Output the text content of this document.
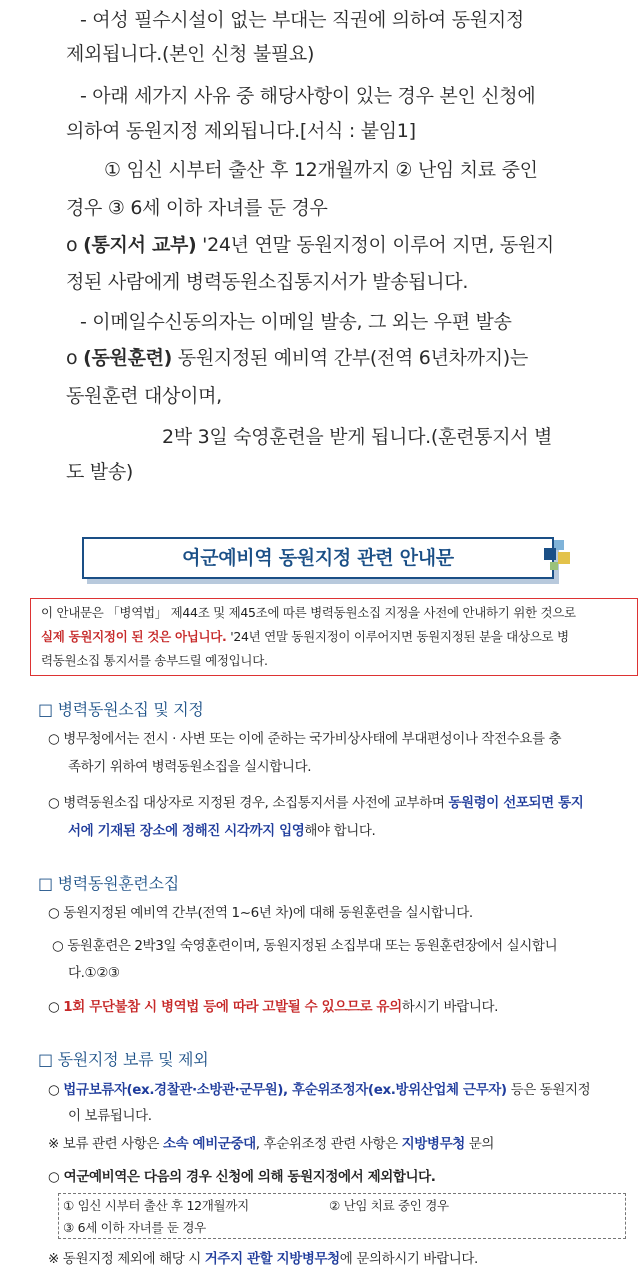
- 여성 필수시설이 없는 부대는 직권에 의하여 동원지정
제외됩니다.(본인 신청 불필요)
- 아래 세가지 사유 중 해당사항이 있는 경우 본인 신청에
의하여 동원지정 제외됩니다.[서식 : 붙임1]
① 임신 시부터 출산 후 12개월까지 ② 난임 치료 중인
경우 ③ 6세 이하 자녀를 둔 경우
o (통지서 교부) '24년 연말 동원지정이 이루어 지면, 동원지
정된 사람에게 병력동원소집통지서가 발송됩니다.
- 이메일수신동의자는 이메일 발송, 그 외는 우편 발송
o (동원훈련) 동원지정된 예비역 간부(전역 6년차까지)는
동원훈련 대상이며,
2박 3일 숙영훈련을 받게 됩니다.(훈련통지서 별
도 발송)
여군예비역 동원지정 관련 안내문
이 안내문은 「병역법」 제44조 및 제45조에 따른 병력동원소집 지정을 사전에 안내하기 위한 것으로
실제 동원지정이 된 것은 아닙니다. '24년 연말 동원지정이 이루어지면 동원지정된 분을 대상으로 병
력동원소집 통지서를 송부드릴 예정입니다.
□ 병력동원소집 및 지정
○ 병무청에서는 전시 · 사변 또는 이에 준하는 국가비상사태에 부대편성이나 작전수요를 충
족하기 위하여 병력동원소집을 실시합니다.
○ 병력동원소집 대상자로 지정된 경우, 소집통지서를 사전에 교부하며 동원령이 선포되면 통지
서에 기재된 장소에 정해진 시각까지 입영해야 합니다.
□ 병력동원훈련소집
○ 동원지정된 예비역 간부(전역 1~6년 차)에 대해 동원훈련을 실시합니다.
○ 동원훈련은 2박3일 숙영훈련이며, 동원지정된 소집부대 또는 동원훈련장에서 실시합니
다.①②③
○ 1회 무단불참 시 병역법 등에 따라 고발될 수 있으므로 유의하시기 바랍니다.
□ 동원지정 보류 및 제외
○ 법규보류자(ex.경찰관·소방관·군무원), 후순위조정자(ex.방위산업체 근무자) 등은 동원지정
이 보류됩니다.
※ 보류 관련 사항은 소속 예비군중대, 후순위조정 관련 사항은 지방병무청 문의
○ 여군예비역은 다음의 경우 신청에 의해 동원지정에서 제외합니다.
① 임신 시부터 출산 후 12개월까지	② 난임 치료 중인 경우
③ 6세 이하 자녀를 둔 경우
※ 동원지정 제외에 해당 시 거주지 관할 지방병무청에 문의하시기 바랍니다.
